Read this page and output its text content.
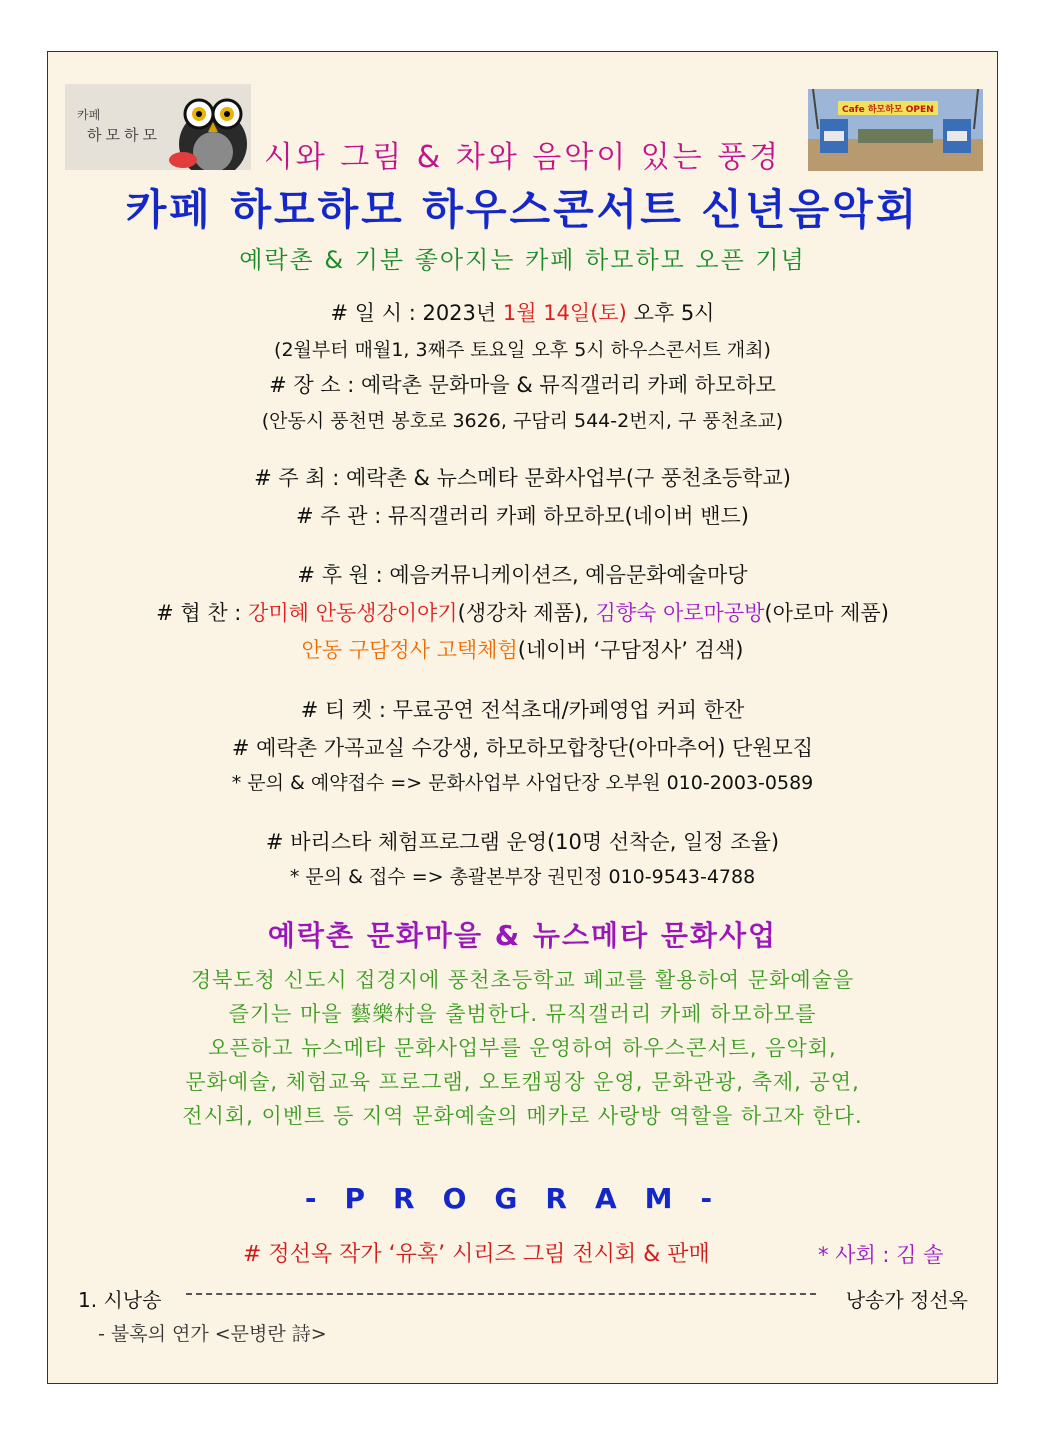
카페
하모하모
Cafe 하모하모 OPEN
시와 그림 & 차와 음악이 있는 풍경
카페 하모하모 하우스콘서트 신년음악회
예락촌 & 기분 좋아지는 카페 하모하모 오픈 기념
# 일 시 : 2023년 1월 14일(토) 오후 5시
(2월부터 매월1, 3째주 토요일 오후 5시 하우스콘서트 개최)
# 장 소 : 예락촌 문화마을 & 뮤직갤러리 카페 하모하모
(안동시 풍천면 봉호로 3626, 구담리 544-2번지, 구 풍천초교)
# 주 최 : 예락촌 & 뉴스메타 문화사업부(구 풍천초등학교)
# 주 관 : 뮤직갤러리 카페 하모하모(네이버 밴드)
# 후 원 : 예음커뮤니케이션즈, 예음문화예술마당
# 협 찬 : 강미혜 안동생강이야기(생강차 제품), 김향숙 아로마공방(아로마 제품)
안동 구담정사 고택체험(네이버 ‘구담정사’ 검색)
# 티 켓 : 무료공연 전석초대/카페영업 커피 한잔
# 예락촌 가곡교실 수강생, 하모하모합창단(아마추어) 단원모집
* 문의 & 예약접수 => 문화사업부 사업단장 오부원 010-2003-0589
# 바리스타 체험프로그램 운영(10명 선착순, 일정 조율)
* 문의 & 접수 => 총괄본부장 권민정 010-9543-4788
예락촌 문화마을 & 뉴스메타 문화사업
경북도청 신도시 접경지에 풍천초등학교 폐교를 활용하여 문화예술을
즐기는 마을 藝樂村을 출범한다. 뮤직갤러리 카페 하모하모를
오픈하고 뉴스메타 문화사업부를 운영하여 하우스콘서트, 음악회,
문화예술, 체험교육 프로그램, 오토캠핑장 운영, 문화관광, 축제, 공연,
전시회, 이벤트 등 지역 문화예술의 메카로 사랑방 역할을 하고자 한다.
-PROGRAM-
# 정선옥 작가 ‘유혹’ 시리즈 그림 전시회 & 판매	* 사회 : 김 솔
1. 시낭송	낭송가 정선옥
- 불혹의 연가 <문병란 詩>
